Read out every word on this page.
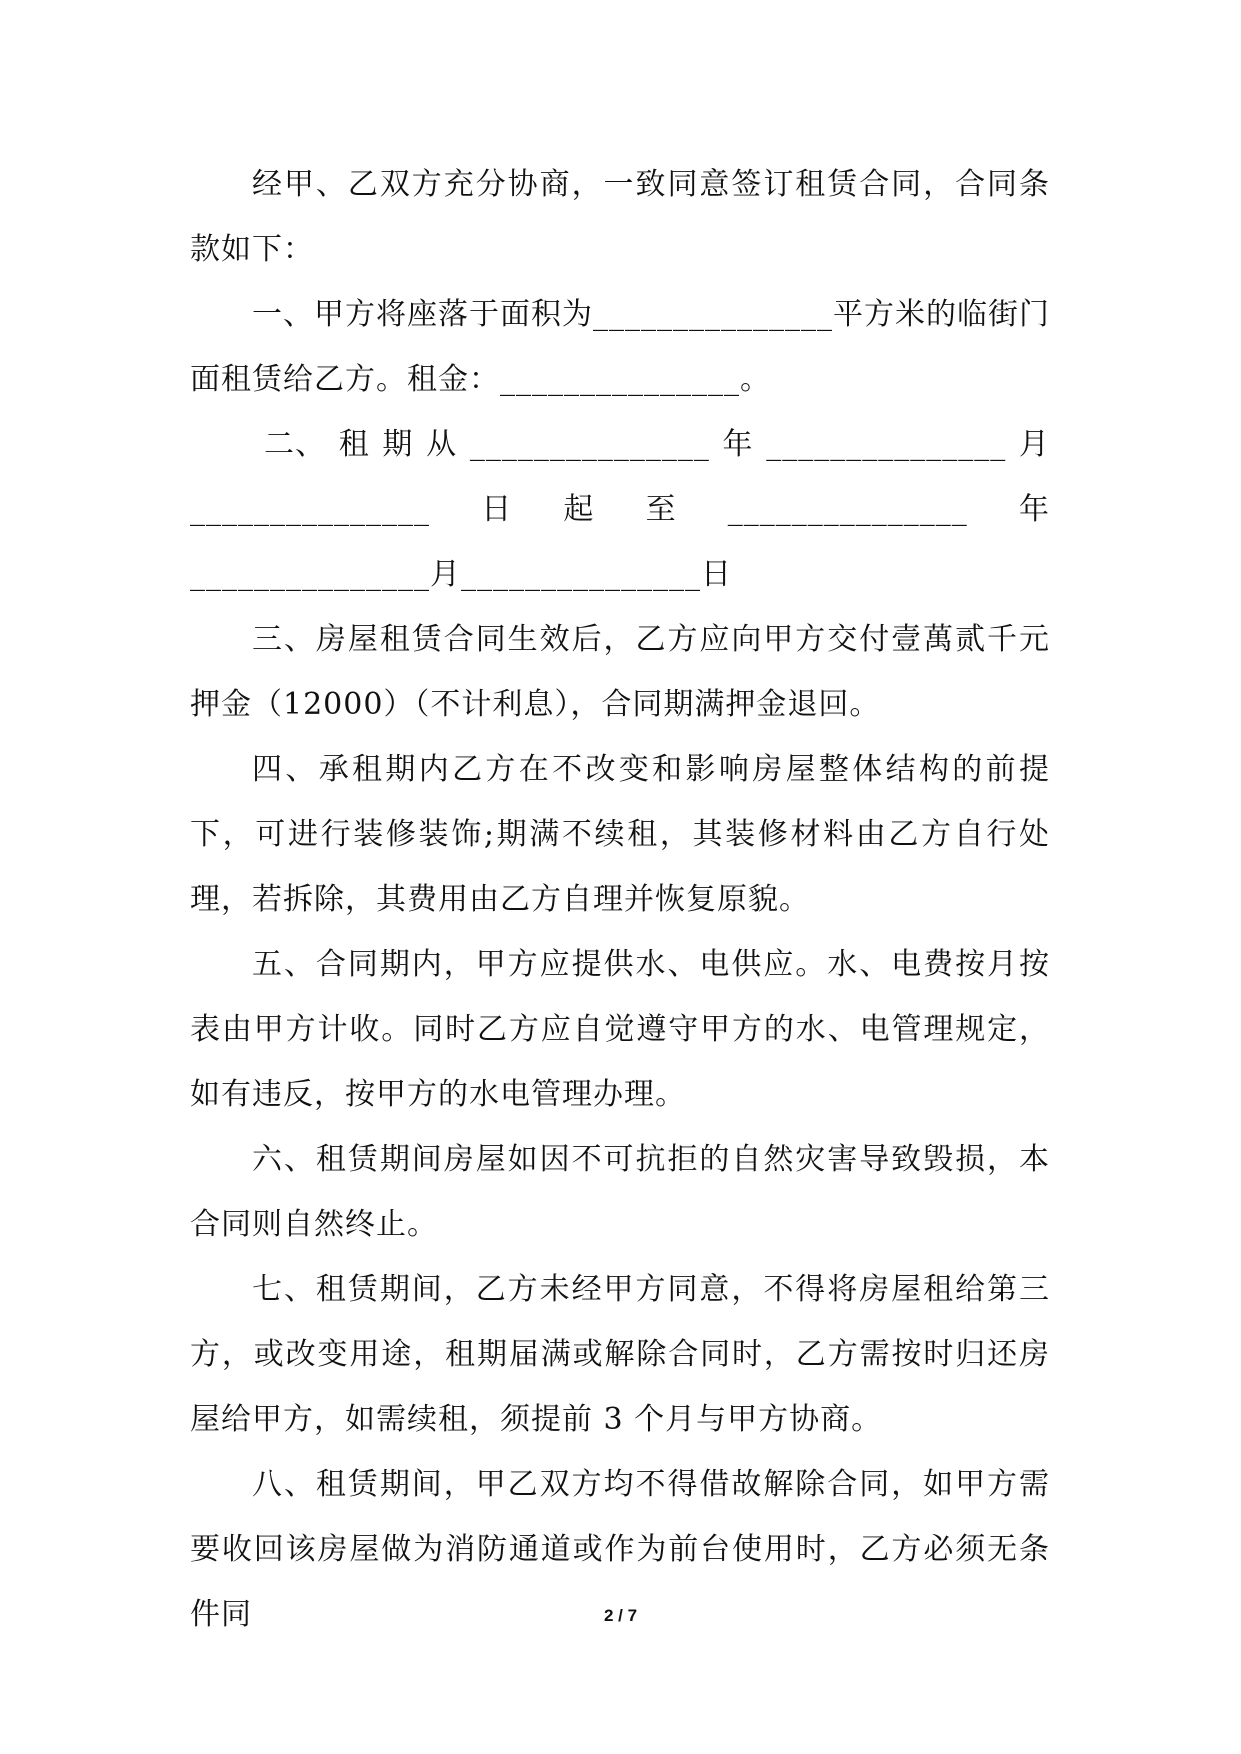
经甲、乙双方充分协商，一致同意签订租赁合同，合同条款如下：

一、甲方将座落于面积为_______________平方米的临街门面租赁给乙方。租金：_______________。

二、 租 期 从 _______________ 年 _______________ 月
_______________ 日 起 至 _______________ 年

_______________月_______________日

三、房屋租赁合同生效后，乙方应向甲方交付壹萬贰千元押金（12000）（不计利息），合同期满押金退回。

四、承租期内乙方在不改变和影响房屋整体结构的前提下，可进行装修装饰;期满不续租，其装修材料由乙方自行处理，若拆除，其费用由乙方自理并恢复原貌。

五、合同期内，甲方应提供水、电供应。水、电费按月按表由甲方计收。同时乙方应自觉遵守甲方的水、电管理规定，如有违反，按甲方的水电管理办理。

六、租赁期间房屋如因不可抗拒的自然灾害导致毁损，本合同则自然终止。

七、租赁期间，乙方未经甲方同意，不得将房屋租给第三方，或改变用途，租期届满或解除合同时，乙方需按时归还房屋给甲方，如需续租，须提前 3 个月与甲方协商。

八、租赁期间，甲乙双方均不得借故解除合同，如甲方需要收回该房屋做为消防通道或作为前台使用时，乙方必须无条件同	2 / 7
